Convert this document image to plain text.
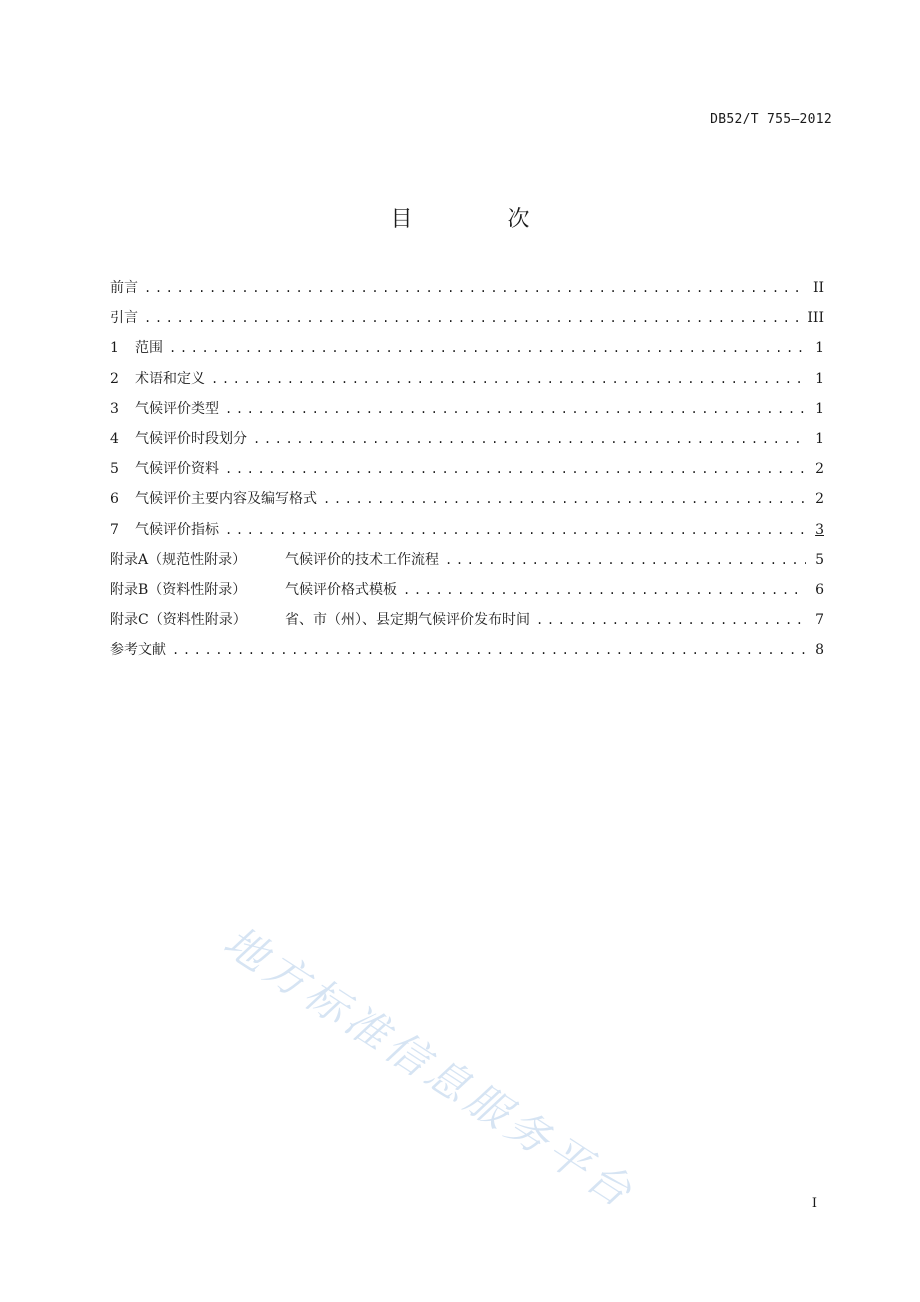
DB52/T 755—2012
目 次
前言 .....	II
引言 .....	III
1	范围 .....	1
2	术语和定义 .....	1
3	气候评价类型 .....	1
4	气候评价时段划分 .....	1
5	气候评价资料 .....	2
6	气候评价主要内容及编写格式 .....	2
7	气候评价指标 .....	3
附录A（规范性附录）	气候评价的技术工作流程 .....	5
附录B（资料性附录）	气候评价格式模板 .....	6
附录C（资料性附录）	省、市（州）、县定期气候评价发布时间 .....	7
参考文献 .....	8
地方标准信息服务平台	I
